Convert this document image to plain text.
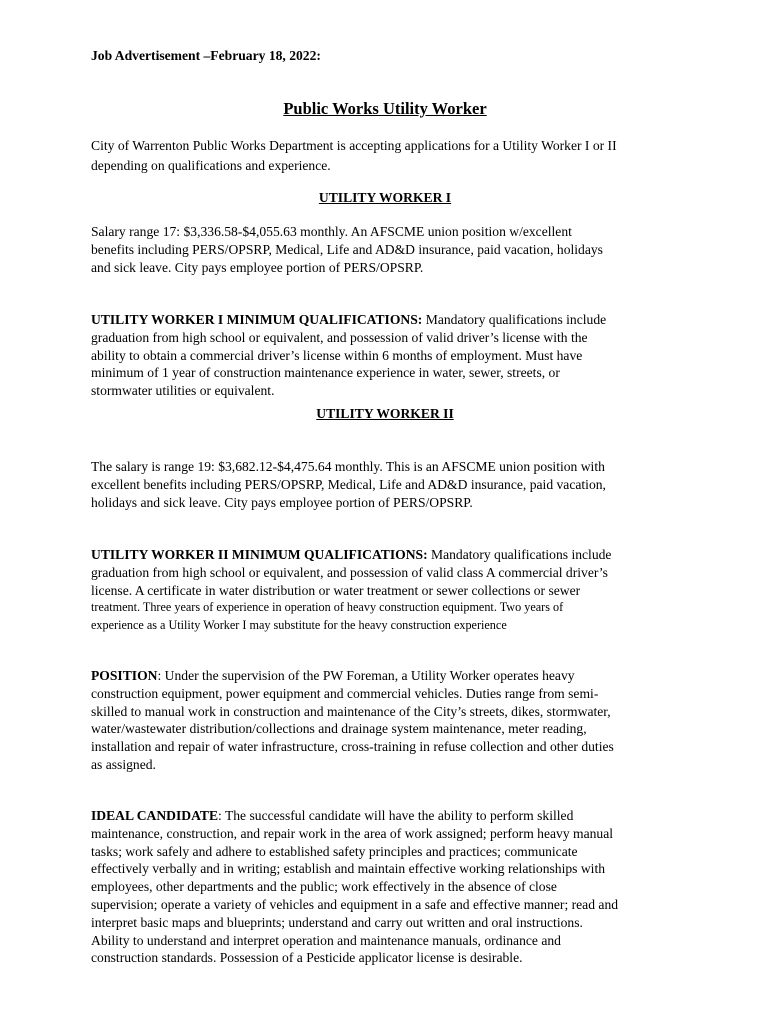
Job Advertisement –February 18, 2022:
Public Works Utility Worker
City of Warrenton Public Works Department is accepting applications for a Utility Worker I or II
depending on qualifications and experience.
UTILITY WORKER I
Salary range 17: $3,336.58-$4,055.63 monthly. An AFSCME union position w/excellent
benefits including PERS/OPSRP, Medical, Life and AD&D insurance, paid vacation, holidays
and sick leave. City pays employee portion of PERS/OPSRP.
UTILITY WORKER I MINIMUM QUALIFICATIONS: Mandatory qualifications include
graduation from high school or equivalent, and possession of valid driver’s license with the
ability to obtain a commercial driver’s license within 6 months of employment. Must have
minimum of 1 year of construction maintenance experience in water, sewer, streets, or
stormwater utilities or equivalent.
UTILITY WORKER II
The salary is range 19: $3,682.12-$4,475.64 monthly. This is an AFSCME union position with
excellent benefits including PERS/OPSRP, Medical, Life and AD&D insurance, paid vacation,
holidays and sick leave. City pays employee portion of PERS/OPSRP.
UTILITY WORKER II MINIMUM QUALIFICATIONS: Mandatory qualifications include
graduation from high school or equivalent, and possession of valid class A commercial driver’s
license. A certificate in water distribution or water treatment or sewer collections or sewer
treatment. Three years of experience in operation of heavy construction equipment. Two years of
experience as a Utility Worker I may substitute for the heavy construction experience
POSITION: Under the supervision of the PW Foreman, a Utility Worker operates heavy
construction equipment, power equipment and commercial vehicles. Duties range from semi-
skilled to manual work in construction and maintenance of the City’s streets, dikes, stormwater,
water/wastewater distribution/collections and drainage system maintenance, meter reading,
installation and repair of water infrastructure, cross-training in refuse collection and other duties
as assigned.
IDEAL CANDIDATE: The successful candidate will have the ability to perform skilled
maintenance, construction, and repair work in the area of work assigned; perform heavy manual
tasks; work safely and adhere to established safety principles and practices; communicate
effectively verbally and in writing; establish and maintain effective working relationships with
employees, other departments and the public; work effectively in the absence of close
supervision; operate a variety of vehicles and equipment in a safe and effective manner; read and
interpret basic maps and blueprints; understand and carry out written and oral instructions.
Ability to understand and interpret operation and maintenance manuals, ordinance and
construction standards. Possession of a Pesticide applicator license is desirable.
